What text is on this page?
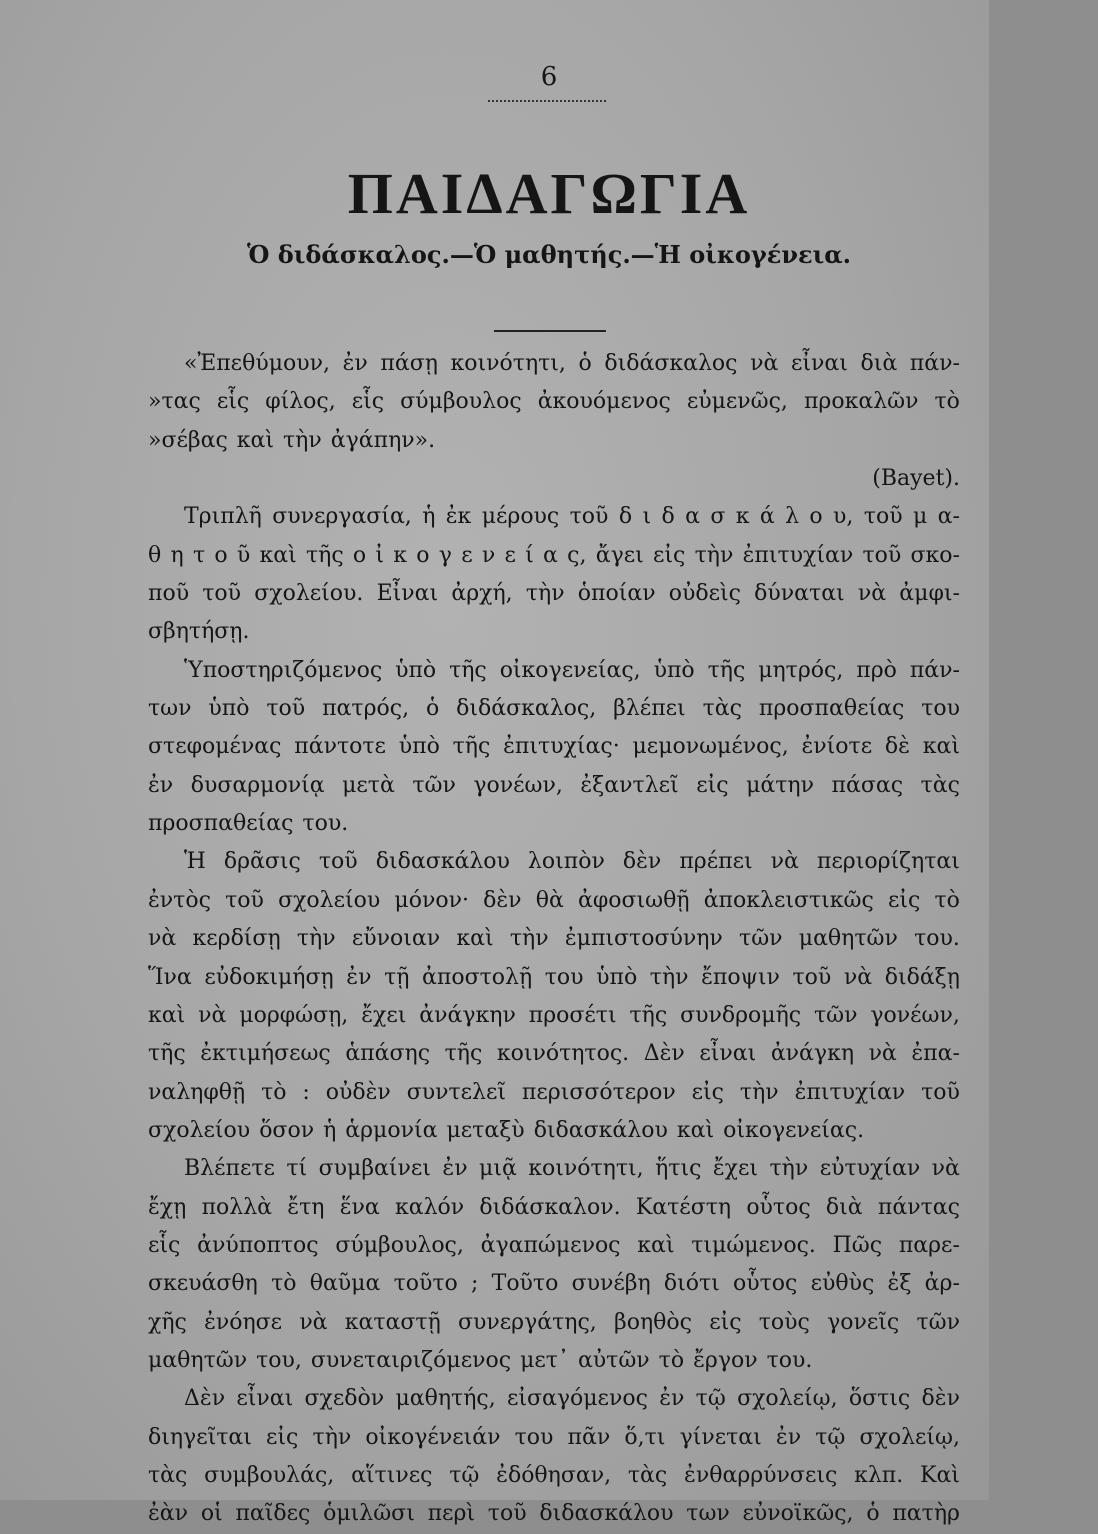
6
ΠΑΙΔΑΓΩΓΙΑ
Ὁ διδάσκαλος.—Ὁ μαθητής.—Ἡ οἰκογένεια.
«Ἐπεθύμουν, ἐν πάσῃ κοινότητι, ὁ διδάσκαλος νὰ εἶναι διὰ πάν-
»τας εἷς φίλος, εἷς σύμβουλος ἀκουόμενος εὐμενῶς, προκαλῶν τὸ
»σέβας καὶ τὴν ἀγάπην».
(Bayet).
Τριπλῆ συνεργασία, ἡ ἐκ μέρους τοῦ δ ι δ α σ κ ά λ ο υ, τοῦ μ α-
θ η τ ο ῦ καὶ τῆς ο ἰ κ ο γ ε ν ε ί α ς, ἄγει εἰς τὴν ἐπιτυχίαν τοῦ σκο-
ποῦ τοῦ σχολείου. Εἶναι ἀρχή, τὴν ὁποίαν οὐδεὶς δύναται νὰ ἀμφι-
σβητήσῃ.
Ὑποστηριζόμενος ὑπὸ τῆς οἰκογενείας, ὑπὸ τῆς μητρός, πρὸ πάν-
των ὑπὸ τοῦ πατρός, ὁ διδάσκαλος, βλέπει τὰς προσπαθείας του
στεφομένας πάντοτε ὑπὸ τῆς ἐπιτυχίας· μεμονωμένος, ἐνίοτε δὲ καὶ
ἐν δυσαρμονίᾳ μετὰ τῶν γονέων, ἐξαντλεῖ εἰς μάτην πάσας τὰς
προσπαθείας του.
Ἡ δρᾶσις τοῦ διδασκάλου λοιπὸν δὲν πρέπει νὰ περιορίζηται
ἐντὸς τοῦ σχολείου μόνον· δὲν θὰ ἀφοσιωθῇ ἀποκλειστικῶς εἰς τὸ
νὰ κερδίσῃ τὴν εὔνοιαν καὶ τὴν ἐμπιστοσύνην τῶν μαθητῶν του.
Ἵνα εὐδοκιμήσῃ ἐν τῇ ἀποστολῇ του ὑπὸ τὴν ἔποψιν τοῦ νὰ διδάξῃ
καὶ νὰ μορφώσῃ, ἔχει ἀνάγκην προσέτι τῆς συνδρομῆς τῶν γονέων,
τῆς ἐκτιμήσεως ἁπάσης τῆς κοινότητος. Δὲν εἶναι ἀνάγκη νὰ ἐπα-
ναληφθῇ τὸ : οὐδὲν συντελεῖ περισσότερον εἰς τὴν ἐπιτυχίαν τοῦ
σχολείου ὅσον ἡ ἁρμονία μεταξὺ διδασκάλου καὶ οἰκογενείας.
Βλέπετε τί συμβαίνει ἐν μιᾷ κοινότητι, ἥτις ἔχει τὴν εὐτυχίαν νὰ
ἔχῃ πολλὰ ἔτη ἕνα καλόν διδάσκαλον. Κατέστη οὗτος διὰ πάντας
εἷς ἀνύποπτος σύμβουλος, ἀγαπώμενος καὶ τιμώμενος. Πῶς παρε-
σκευάσθη τὸ θαῦμα τοῦτο ; Τοῦτο συνέβη διότι οὗτος εὐθὺς ἐξ ἀρ-
χῆς ἐνόησε νὰ καταστῇ συνεργάτης, βοηθὸς εἰς τοὺς γονεῖς τῶν
μαθητῶν του, συνεταιριζόμενος μετ᾿ αὐτῶν τὸ ἔργον του.
Δὲν εἶναι σχεδὸν μαθητής, εἰσαγόμενος ἐν τῷ σχολείῳ, ὅστις δὲν
διηγεῖται εἰς τὴν οἰκογένειάν του πᾶν ὅ,τι γίνεται ἐν τῷ σχολείῳ,
τὰς συμβουλάς, αἵτινες τῷ ἐδόθησαν, τὰς ἐνθαρρύνσεις κλπ. Καὶ
ἐὰν οἱ παῖδες ὁμιλῶσι περὶ τοῦ διδασκάλου των εὐνοϊκῶς, ὁ πατὴρ
